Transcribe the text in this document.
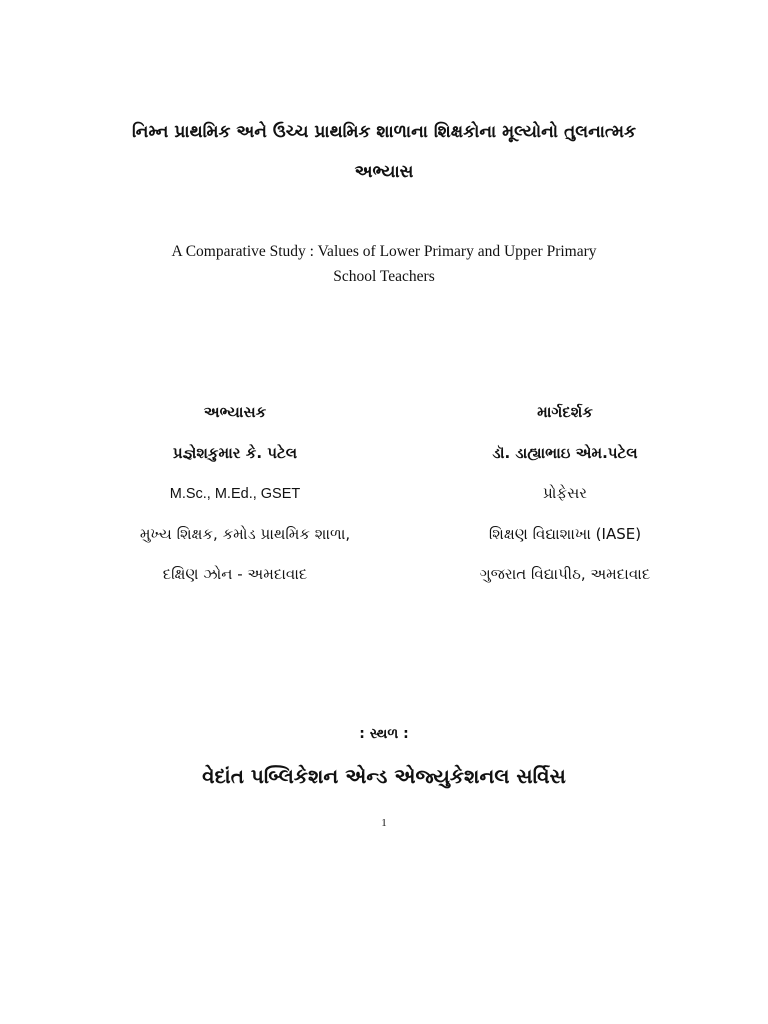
નિમ્ન પ્રાથમિક અને ઉચ્ચ પ્રાથમિક શાળાના શિક્ષકોના મૂલ્યોનો તુલનાત્મક
અભ્યાસ
A Comparative Study : Values of Lower Primary and Upper Primary
School Teachers
અભ્યાસક
પ્રજ્ઞેશકુમાર કે. પટેલ
M.Sc., M.Ed., GSET
મુખ્ય શિક્ષક, કમોડ પ્રાથમિક શાળા,
દક્ષિણ ઝોન - અમદાવાદ
માર્ગદર્શક
ડૉ. ડાહ્યાભાઇ એમ.પટેલ
પ્રોફેસર
શિક્ષણ વિદ્યાશાખા (IASE)
ગુજરાત વિદ્યાપીઠ, અમદાવાદ
: સ્થળ :
વેદાંત પબ્લિકેશન એન્ડ એજ્યુકેશનલ સર્વિસ
1
